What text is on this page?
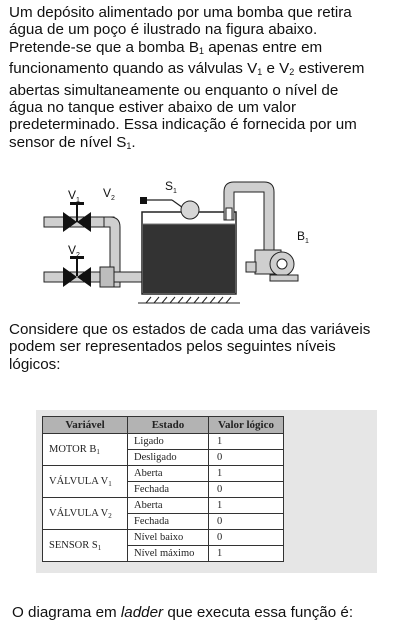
Um depósito alimentado por uma bomba que retira
água de um poço é ilustrado na figura abaixo.
Pretende-se que a bomba $B_1$ apenas entre em
funcionamento quando as válvulas $V_1$ e $V_2$ estiverem
abertas simultaneamente ou enquanto o nível de
água no tanque estiver abaixo de um valor
predeterminado. Essa indicação é fornecida por um
sensor de nível $S_1$.

$V_1$
$V_2$
$V_2$
$S_1$
$B_1$

Considere que os estados de cada uma das variáveis
podem ser representados pelos seguintes níveis
lógicos:

Variável	Estado	Valor lógico
MOTOR $B_1$	Ligado	1
	Desligado	0
VÁLVULA $V_1$	Aberta	1
	Fechada	0
VÁLVULA $V_2$	Aberta	1
	Fechada	0
SENSOR $S_1$	Nível baixo	0
	Nível máximo	1

O diagrama em ladder que executa essa função é:
